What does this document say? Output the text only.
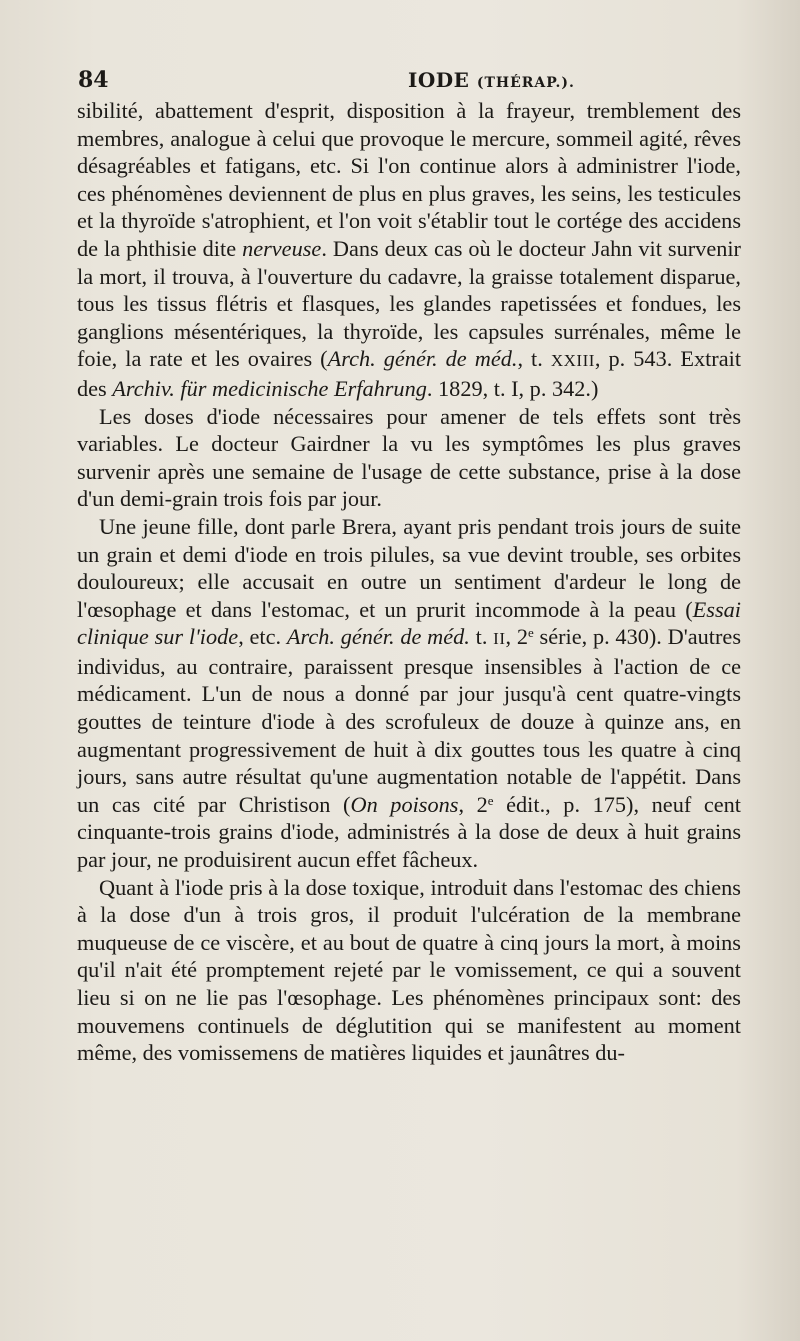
84	IODE (THÉRAP.).

sibilité, abattement d'esprit, disposition à la frayeur, tremblement des membres, analogue à celui que provoque le mercure, sommeil agité, rêves désagréables et fatigans, etc. Si l'on continue alors à administrer l'iode, ces phénomènes deviennent de plus en plus graves, les seins, les testicules et la thyroïde s'atrophient, et l'on voit s'établir tout le cortége des accidens de la phthisie dite nerveuse. Dans deux cas où le docteur Jahn vit survenir la mort, il trouva, à l'ouverture du cadavre, la graisse totalement disparue, tous les tissus flétris et flasques, les glandes rapetissées et fondues, les ganglions mésentériques, la thyroïde, les capsules surrénales, même le foie, la rate et les ovaires (Arch. génér. de méd., t. XXIII, p. 543. Extrait des Archiv. für medicinische Erfahrung. 1829, t. I, p. 342.)

Les doses d'iode nécessaires pour amener de tels effets sont très variables. Le docteur Gairdner la vu les symptômes les plus graves survenir après une semaine de l'usage de cette substance, prise à la dose d'un demi-grain trois fois par jour.

Une jeune fille, dont parle Brera, ayant pris pendant trois jours de suite un grain et demi d'iode en trois pilules, sa vue devint trouble, ses orbites douloureux; elle accusait en outre un sentiment d'ardeur le long de l'œsophage et dans l'estomac, et un prurit incommode à la peau (Essai clinique sur l'iode, etc. Arch. génér. de méd. t. II, 2e série, p. 430). D'autres individus, au contraire, paraissent presque insensibles à l'action de ce médicament. L'un de nous a donné par jour jusqu'à cent quatre-vingts gouttes de teinture d'iode à des scrofuleux de douze à quinze ans, en augmentant progressivement de huit à dix gouttes tous les quatre à cinq jours, sans autre résultat qu'une augmentation notable de l'appétit. Dans un cas cité par Christison (On poisons, 2e édit., p. 175), neuf cent cinquante-trois grains d'iode, administrés à la dose de deux à huit grains par jour, ne produisirent aucun effet fâcheux.

Quant à l'iode pris à la dose toxique, introduit dans l'estomac des chiens à la dose d'un à trois gros, il produit l'ulcération de la membrane muqueuse de ce viscère, et au bout de quatre à cinq jours la mort, à moins qu'il n'ait été promptement rejeté par le vomissement, ce qui a souvent lieu si on ne lie pas l'œsophage. Les phénomènes principaux sont: des mouvemens continuels de déglutition qui se manifestent au moment même, des vomissemens de matières liquides et jaunâtres du-
